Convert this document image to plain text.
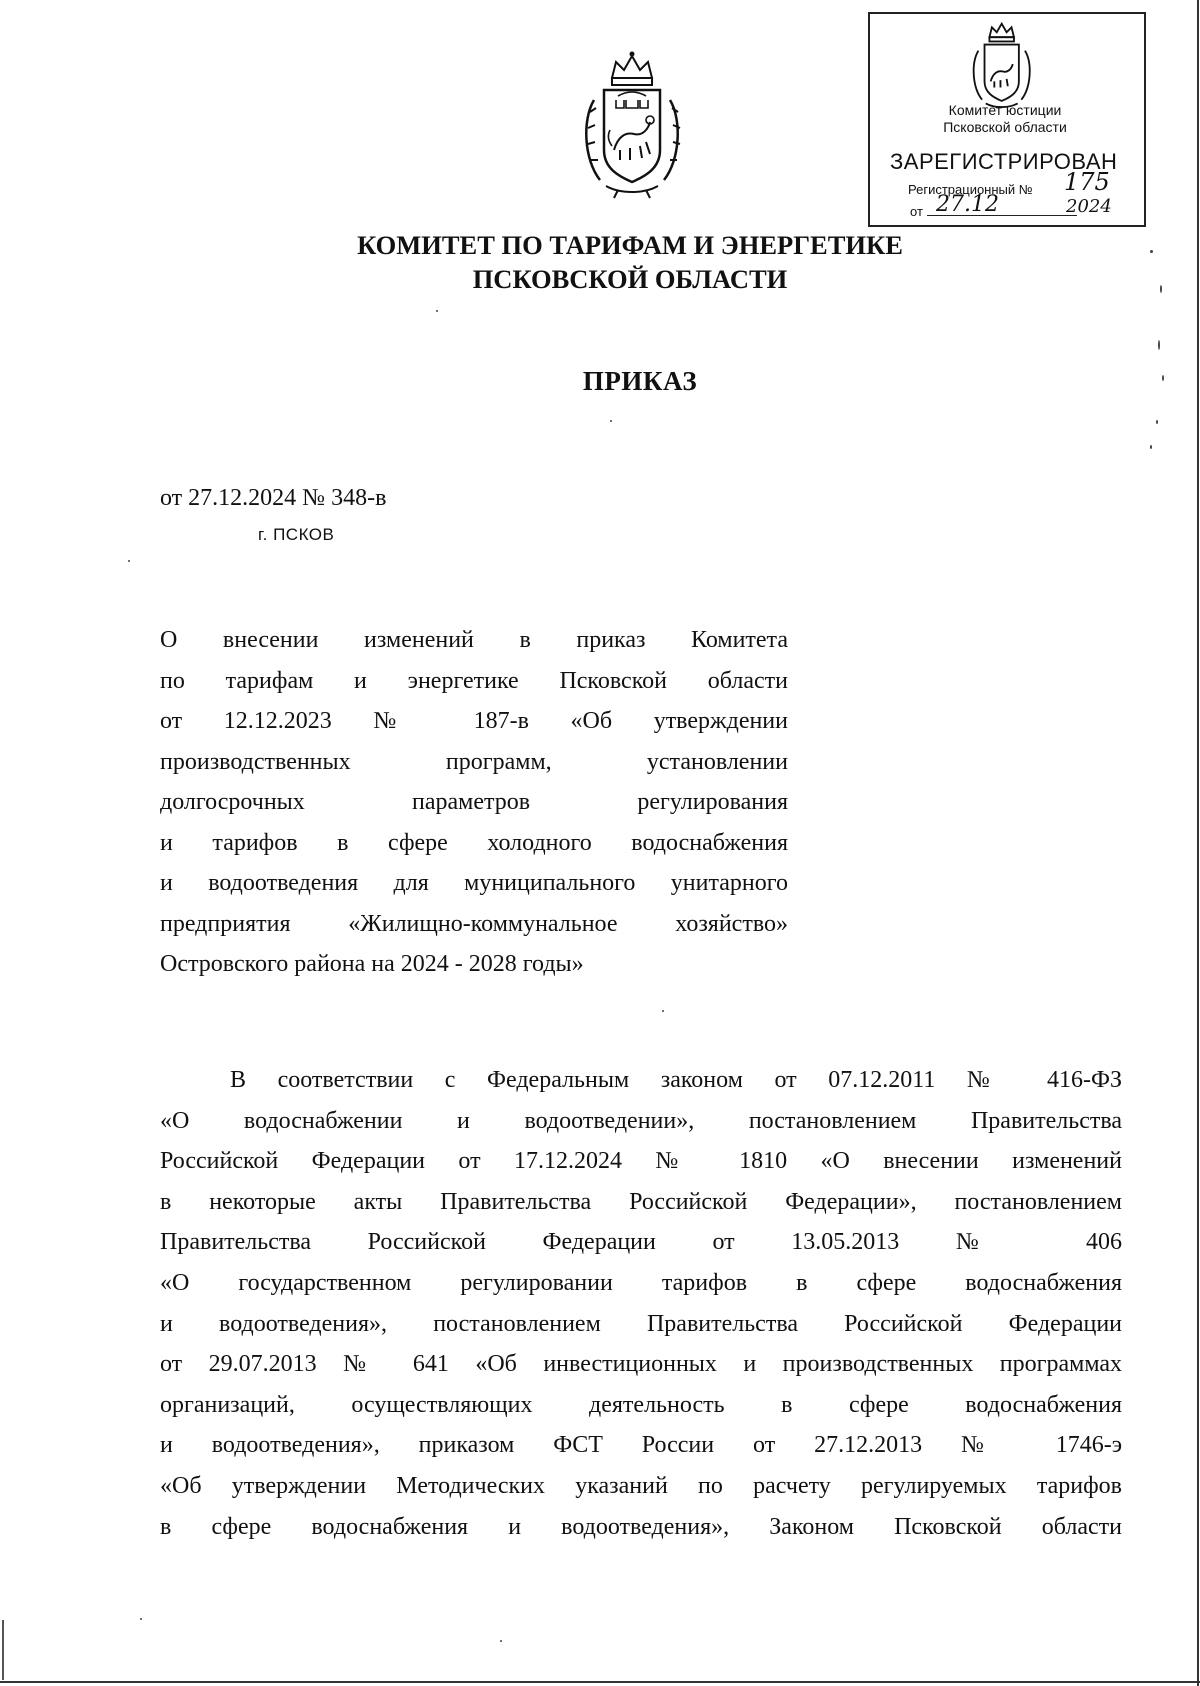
Комитет юстиции
Псковской области
ЗАРЕГИСТРИРОВАН
Регистрационный № 175
от 27.12	2024
КОМИТЕТ ПО ТАРИФАМ И ЭНЕРГЕТИКЕ
ПСКОВСКОЙ ОБЛАСТИ
ПРИКАЗ
от 27.12.2024 № 348-в
г. ПСКОВ
О внесении изменений в приказ Комитета
по тарифам и энергетике Псковской области
от 12.12.2023 № 187-в «Об утверждении
производственных программ, установлении
долгосрочных параметров регулирования
и тарифов в сфере холодного водоснабжения
и водоотведения для муниципального унитарного
предприятия «Жилищно-коммунальное хозяйство»
Островского района на 2024 - 2028 годы»
В соответствии с Федеральным законом от 07.12.2011 № 416-ФЗ
«О водоснабжении и водоотведении», постановлением Правительства
Российской Федерации от 17.12.2024 № 1810 «О внесении изменений
в некоторые акты Правительства Российской Федерации», постановлением
Правительства Российской Федерации от 13.05.2013 № 406
«О государственном регулировании тарифов в сфере водоснабжения
и водоотведения», постановлением Правительства Российской Федерации
от 29.07.2013 № 641 «Об инвестиционных и производственных программах
организаций, осуществляющих деятельность в сфере водоснабжения
и водоотведения», приказом ФСТ России от 27.12.2013 № 1746-э
«Об утверждении Методических указаний по расчету регулируемых тарифов
в сфере водоснабжения и водоотведения», Законом Псковской области
